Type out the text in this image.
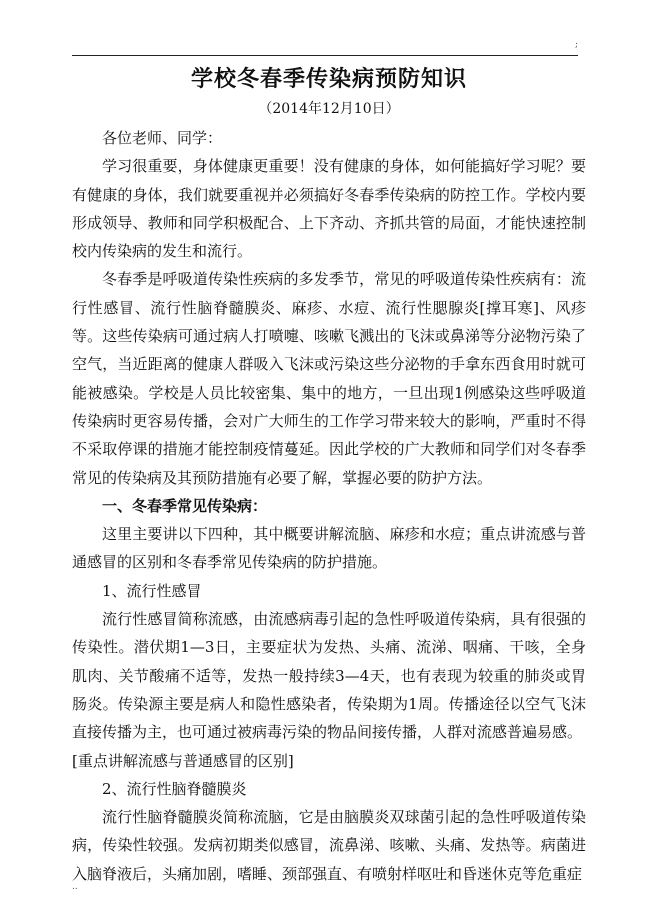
;
学校冬春季传染病预防知识
（2014年12月10日）

各位老师、同学：

学习很重要，身体健康更重要！没有健康的身体，如何能搞好学习呢？要有健康的身体，我们就要重视并必须搞好冬春季传染病的防控工作。学校内要形成领导、教师和同学积极配合、上下齐动、齐抓共管的局面，才能快速控制校内传染病的发生和流行。

冬春季是呼吸道传染性疾病的多发季节，常见的呼吸道传染性疾病有：流行性感冒、流行性脑脊髓膜炎、麻疹、水痘、流行性腮腺炎[撑耳寒]、风疹等。这些传染病可通过病人打喷嚏、咳嗽飞溅出的飞沫或鼻涕等分泌物污染了空气，当近距离的健康人群吸入飞沫或污染这些分泌物的手拿东西食用时就可能被感染。学校是人员比较密集、集中的地方，一旦出现1例感染这些呼吸道传染病时更容易传播，会对广大师生的工作学习带来较大的影响，严重时不得不采取停课的措施才能控制疫情蔓延。因此学校的广大教师和同学们对冬春季常见的传染病及其预防措施有必要了解，掌握必要的防护方法。

一、冬春季常见传染病：

这里主要讲以下四种，其中概要讲解流脑、麻疹和水痘；重点讲流感与普通感冒的区别和冬春季常见传染病的防护措施。

1、流行性感冒

流行性感冒简称流感，由流感病毒引起的急性呼吸道传染病，具有很强的传染性。潜伏期1—3日，主要症状为发热、头痛、流涕、咽痛、干咳，全身肌肉、关节酸痛不适等，发热一般持续3—4天，也有表现为较重的肺炎或胃肠炎。传染源主要是病人和隐性感染者，传染期为1周。传播途径以空气飞沫直接传播为主，也可通过被病毒污染的物品间接传播，人群对流感普遍易感。

[重点讲解流感与普通感冒的区别]

2、流行性脑脊髓膜炎

流行性脑脊髓膜炎简称流脑，它是由脑膜炎双球菌引起的急性呼吸道传染病，传染性较强。发病初期类似感冒，流鼻涕、咳嗽、头痛、发热等。病菌进入脑脊液后，头痛加剧，嗜睡、颈部强直、有喷射样呕吐和昏迷休克等危重症

..
